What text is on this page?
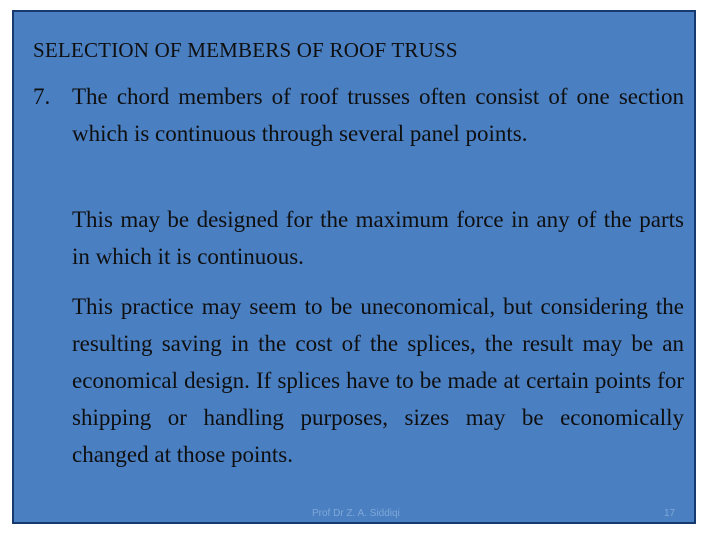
SELECTION OF MEMBERS OF ROOF TRUSS
7. The chord members of roof trusses often consist of one section which is continuous through several panel points.

This may be designed for the maximum force in any of the parts in which it is continuous.

This practice may seem to be uneconomical, but considering the resulting saving in the cost of the splices, the result may be an economical design. If splices have to be made at certain points for shipping or handling purposes, sizes may be economically changed at those points.

Prof Dr Z. A. Siddiqi	17
